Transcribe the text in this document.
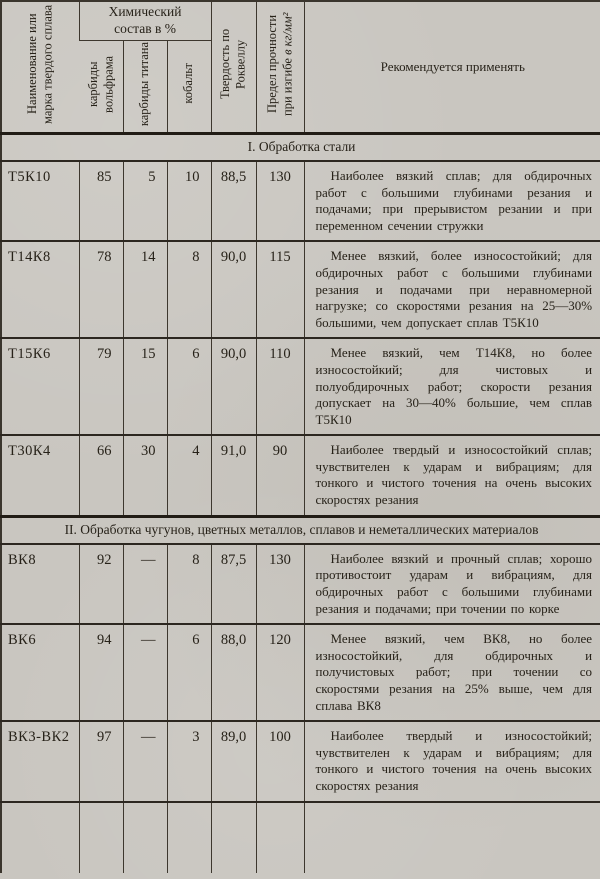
Наименование или марка твердого сплава	Химический состав в %			Твердость по Роквеллу	Предел прочности при изгибе в кг/мм²	Рекомендуется применять
	карбиды вольфрама	карбиды титана	кобальт			
I. Обработка стали						
Т5К10	85	5	10	88,5	130	Наиболее вязкий сплав; для обдирочных работ с большими глубинами резания и подачами; при прерывистом резании и при переменном сечении стружки
Т14К8	78	14	8	90,0	115	Менее вязкий, более износостойкий; для обдирочных работ с большими глубинами резания и подачами при неравномерной нагрузке; со скоростями резания на 25—30% большими, чем допускает сплав Т5К10
Т15К6	79	15	6	90,0	110	Менее вязкий, чем Т14К8, но более износостойкий; для чистовых и полуобдирочных работ; скорости резания допускает на 30—40% большие, чем сплав Т5К10
Т30К4	66	30	4	91,0	90	Наиболее твердый и износостойкий сплав; чувствителен к ударам и вибрациям; для тонкого и чистого точения на очень высоких скоростях резания
II. Обработка чугунов, цветных металлов, сплавов и неметаллических материалов						
ВК8	92	—	8	87,5	130	Наиболее вязкий и прочный сплав; хорошо противостоит ударам и вибрациям, для обдирочных работ с большими глубинами резания и подачами; при точении по корке
ВК6	94	—	6	88,0	120	Менее вязкий, чем ВК8, но более износостойкий, для обдирочных и получистовых работ; при точении со скоростями резания на 25% выше, чем для сплава ВК8
ВК3-ВК2	97	—	3	89,0	100	Наиболее твердый и износостойкий; чувствителен к ударам и вибрациям; для тонкого и чистого точения на очень высоких скоростях резания
